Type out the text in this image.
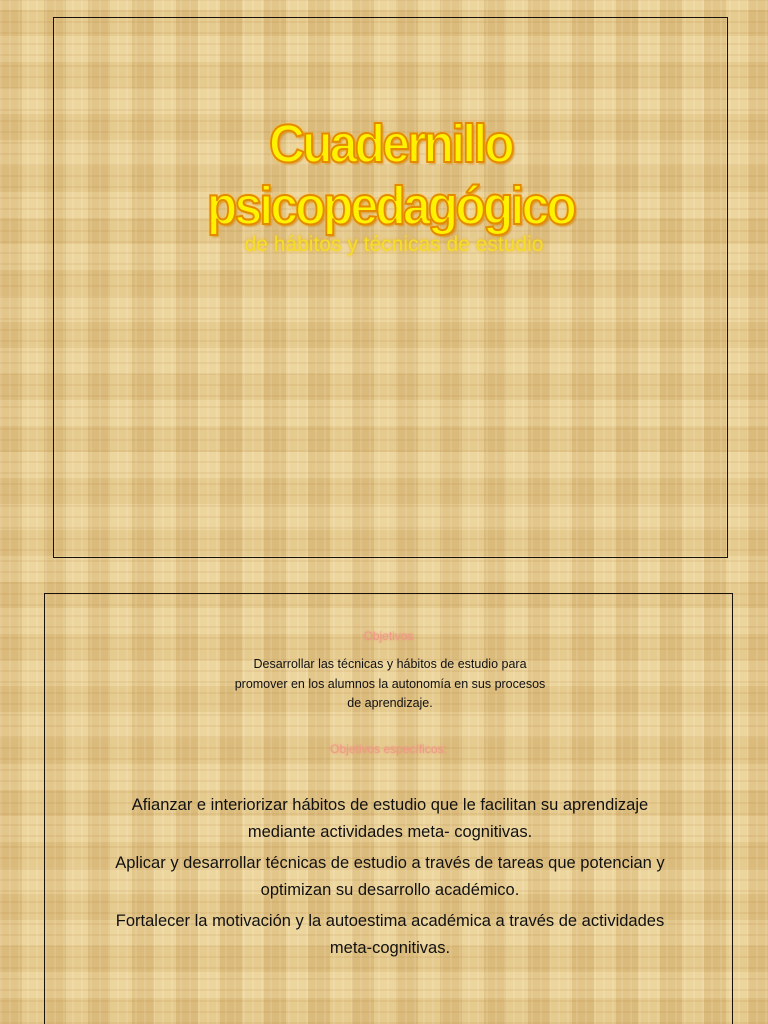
Cuadernillo psicopedagógico
de hábitos y técnicas de estudio
Objetivos
Desarrollar las técnicas y hábitos de estudio para promover en los alumnos la autonomía en sus procesos de aprendizaje.
Objetivos específicos:
Afianzar e interiorizar hábitos de estudio que le facilitan su aprendizaje mediante actividades meta- cognitivas.
Aplicar y desarrollar técnicas de estudio a través de tareas que potencian y optimizan su desarrollo académico.
Fortalecer la motivación y la autoestima académica a través de actividades meta-cognitivas.
